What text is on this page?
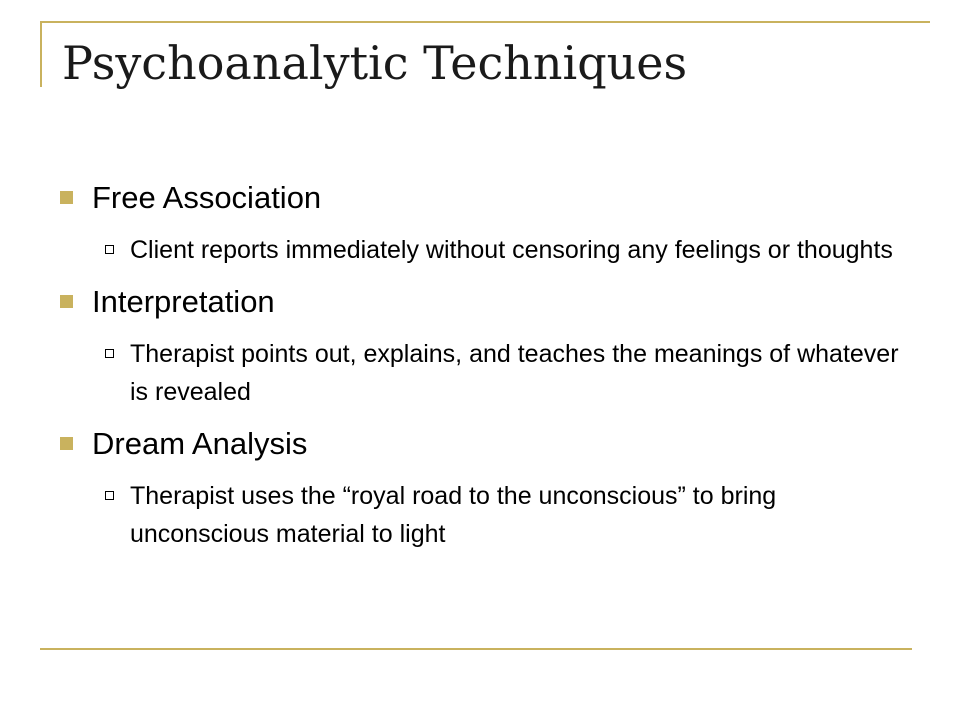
Psychoanalytic Techniques
Free Association
Client reports immediately without censoring any feelings or thoughts
Interpretation
Therapist points out, explains, and teaches the meanings of whatever is revealed
Dream Analysis
Therapist uses the “royal road to the unconscious” to bring unconscious material to light
